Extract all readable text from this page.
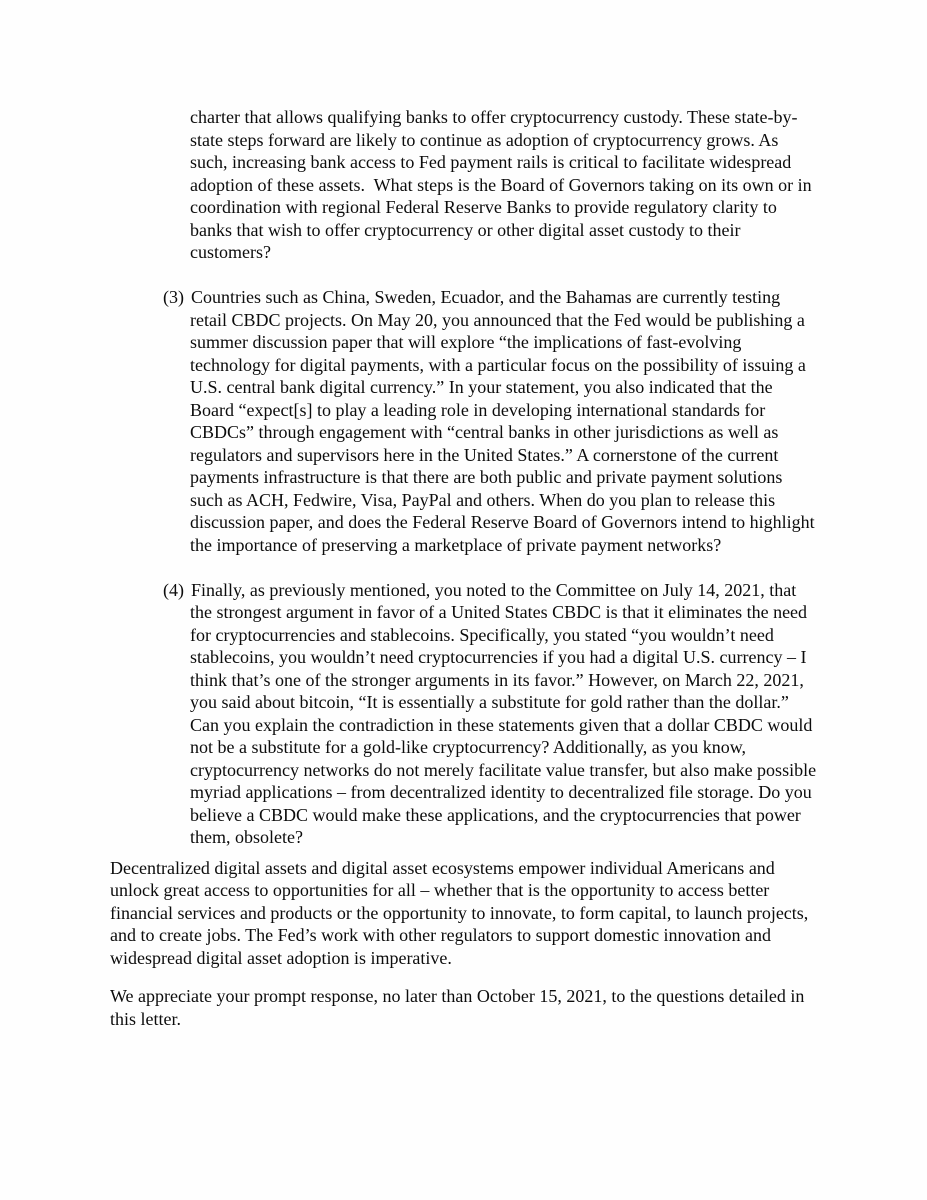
charter that allows qualifying banks to offer cryptocurrency custody. These state-by-state steps forward are likely to continue as adoption of cryptocurrency grows. As such, increasing bank access to Fed payment rails is critical to facilitate widespread adoption of these assets.  What steps is the Board of Governors taking on its own or in coordination with regional Federal Reserve Banks to provide regulatory clarity to banks that wish to offer cryptocurrency or other digital asset custody to their customers?
(3) Countries such as China, Sweden, Ecuador, and the Bahamas are currently testing retail CBDC projects. On May 20, you announced that the Fed would be publishing a summer discussion paper that will explore “the implications of fast-evolving technology for digital payments, with a particular focus on the possibility of issuing a U.S. central bank digital currency.” In your statement, you also indicated that the Board “expect[s] to play a leading role in developing international standards for CBDCs” through engagement with “central banks in other jurisdictions as well as regulators and supervisors here in the United States.” A cornerstone of the current payments infrastructure is that there are both public and private payment solutions such as ACH, Fedwire, Visa, PayPal and others. When do you plan to release this discussion paper, and does the Federal Reserve Board of Governors intend to highlight the importance of preserving a marketplace of private payment networks?
(4) Finally, as previously mentioned, you noted to the Committee on July 14, 2021, that the strongest argument in favor of a United States CBDC is that it eliminates the need for cryptocurrencies and stablecoins. Specifically, you stated “you wouldn’t need stablecoins, you wouldn’t need cryptocurrencies if you had a digital U.S. currency – I think that’s one of the stronger arguments in its favor.” However, on March 22, 2021, you said about bitcoin, “It is essentially a substitute for gold rather than the dollar.” Can you explain the contradiction in these statements given that a dollar CBDC would not be a substitute for a gold-like cryptocurrency? Additionally, as you know, cryptocurrency networks do not merely facilitate value transfer, but also make possible myriad applications – from decentralized identity to decentralized file storage. Do you believe a CBDC would make these applications, and the cryptocurrencies that power them, obsolete?
Decentralized digital assets and digital asset ecosystems empower individual Americans and unlock great access to opportunities for all – whether that is the opportunity to access better financial services and products or the opportunity to innovate, to form capital, to launch projects, and to create jobs. The Fed’s work with other regulators to support domestic innovation and widespread digital asset adoption is imperative.
We appreciate your prompt response, no later than October 15, 2021, to the questions detailed in this letter.
